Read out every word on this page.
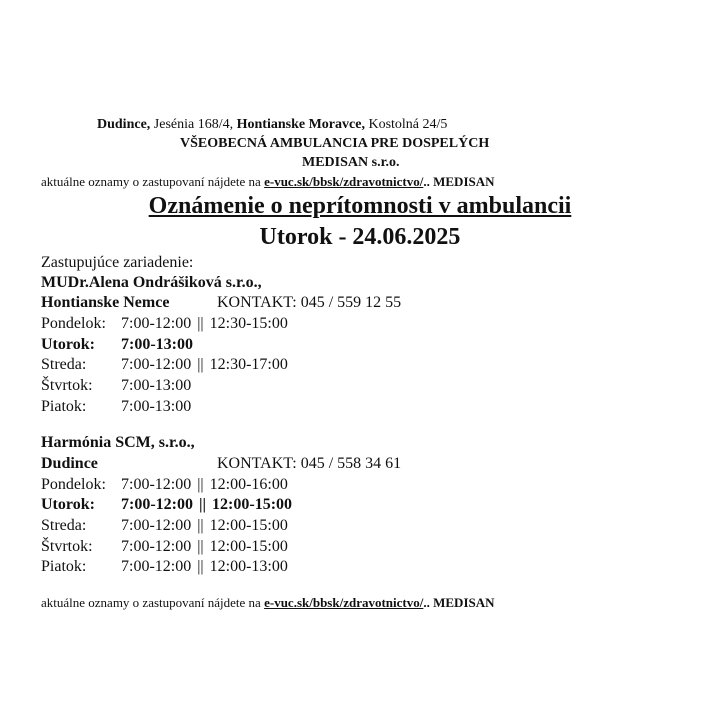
Dudince, Jesénia 168/4, Hontianske Moravce, Kostolná 24/5
VŠEOBECNÁ AMBULANCIA PRE DOSPELÝCH
MEDISAN s.r.o.
aktuálne oznamy o zastupovaní nájdete na e-vuc.sk/bbsk/zdravotnictvo/.. MEDISAN
Oznámenie o neprítomnosti v ambulancii
Utorok - 24.06.2025
Zastupujúce zariadenie:
MUDr.Alena Ondrášiková s.r.o.,
Hontianske Nemce	KONTAKT: 045 / 559 12 55
Pondelok: 7:00-12:00 || 12:30-15:00
Utorok: 7:00-13:00
Streda: 7:00-12:00 || 12:30-17:00
Štvrtok: 7:00-13:00
Piatok: 7:00-13:00
Harmónia SCM, s.r.o.,
Dudince	KONTAKT: 045 / 558 34 61
Pondelok: 7:00-12:00 || 12:00-16:00
Utorok: 7:00-12:00 || 12:00-15:00
Streda: 7:00-12:00 || 12:00-15:00
Štvrtok: 7:00-12:00 || 12:00-15:00
Piatok: 7:00-12:00 || 12:00-13:00
aktuálne oznamy o zastupovaní nájdete na e-vuc.sk/bbsk/zdravotnictvo/.. MEDISAN
